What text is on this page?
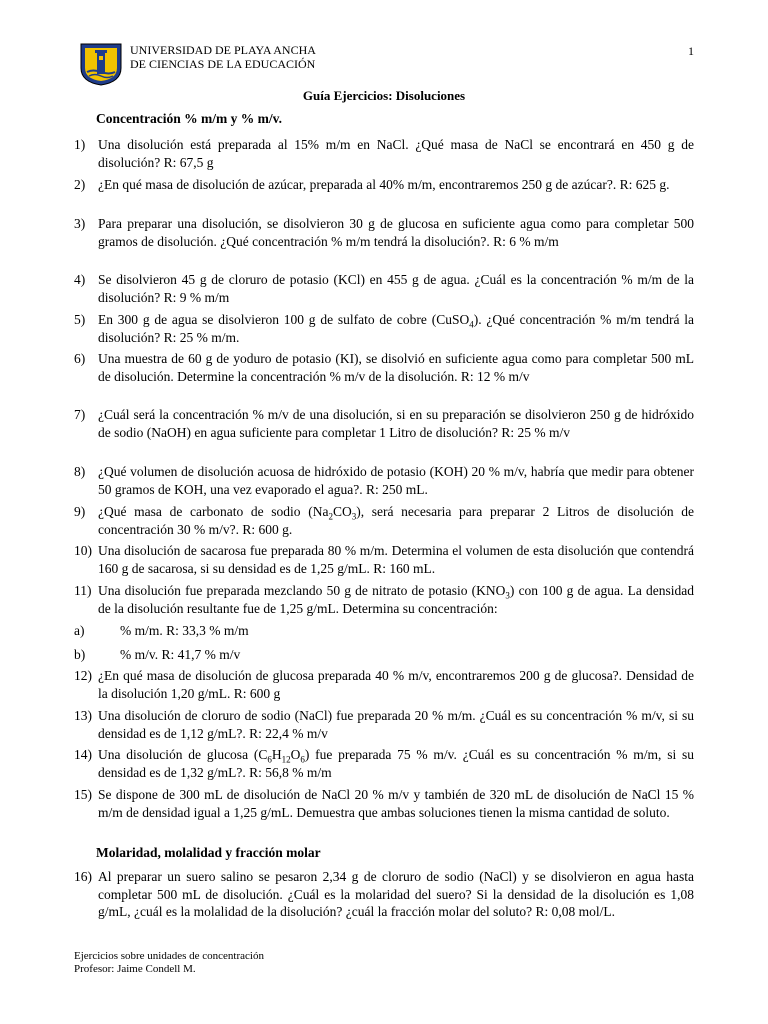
UNIVERSIDAD DE PLAYA ANCHA
DE CIENCIAS DE LA EDUCACIÓN
1
Guía Ejercicios: Disoluciones
Concentración % m/m y % m/v.
1) Una disolución está preparada al 15% m/m en NaCl. ¿Qué masa de NaCl se encontrará en 450 g de disolución? R: 67,5 g
2) ¿En qué masa de disolución de azúcar, preparada al 40% m/m, encontraremos 250 g de azúcar?. R: 625 g.
3) Para preparar una disolución, se disolvieron 30 g de glucosa en suficiente agua como para completar 500 gramos de disolución. ¿Qué concentración % m/m tendrá la disolución?. R: 6 % m/m
4) Se disolvieron 45 g de cloruro de potasio (KCl) en 455 g de agua. ¿Cuál es la concentración % m/m de la disolución? R: 9 % m/m
5) En 300 g de agua se disolvieron 100 g de sulfato de cobre (CuSO$_4$). ¿Qué concentración % m/m tendrá la disolución? R: 25 % m/m.
6) Una muestra de 60 g de yoduro de potasio (KI), se disolvió en suficiente agua como para completar 500 mL de disolución. Determine la concentración % m/v de la disolución. R: 12 % m/v
7) ¿Cuál será la concentración % m/v de una disolución, si en su preparación se disolvieron 250 g de hidróxido de sodio (NaOH) en agua suficiente para completar 1 Litro de disolución? R: 25 % m/v
8) ¿Qué volumen de disolución acuosa de hidróxido de potasio (KOH) 20 % m/v, habría que medir para obtener 50 gramos de KOH, una vez evaporado el agua?. R: 250 mL.
9) ¿Qué masa de carbonato de sodio $(Na_2CO_3)$, será necesaria para preparar 2 Litros de disolución de concentración 30 % m/v?. R: 600 g.
10) Una disolución de sacarosa fue preparada 80 % m/m. Determina el volumen de esta disolución que contendrá 160 g de sacarosa, si su densidad es de 1,25 g/mL. R: 160 mL.
11) Una disolución fue preparada mezclando 50 g de nitrato de potasio $(KNO_3)$ con 100 g de agua. La densidad de la disolución resultante fue de 1,25 g/mL. Determina su concentración:
a)	% m/m. R: 33,3 % m/m
b)	% m/v. R: 41,7 % m/v
12) ¿En qué masa de disolución de glucosa preparada 40 % m/v, encontraremos 200 g de glucosa?. Densidad de la disolución 1,20 g/mL. R: 600 g
13) Una disolución de cloruro de sodio (NaCl) fue preparada 20 % m/m. ¿Cuál es su concentración % m/v, si su densidad es de 1,12 g/mL?. R: 22,4 % m/v
14) Una disolución de glucosa $(C_6H_{12}O_6)$ fue preparada 75 % m/v. ¿Cuál es su concentración % m/m, si su densidad es de 1,32 g/mL?. R: 56,8 % m/m
15) Se dispone de 300 mL de disolución de NaCl 20 % m/v y también de 320 mL de disolución de NaCl 15 % m/m de densidad igual a 1,25 g/mL. Demuestra que ambas soluciones tienen la misma cantidad de soluto.
Molaridad, molalidad y fracción molar
16) Al preparar un suero salino se pesaron 2,34 g de cloruro de sodio (NaCl) y se disolvieron en agua hasta completar 500 mL de disolución. ¿Cuál es la molaridad del suero? Si la densidad de la disolución es 1,08 g/mL, ¿cuál es la molalidad de la disolución? ¿cuál la fracción molar del soluto? R: 0,08 mol/L.
Ejercicios sobre unidades de concentración
Profesor: Jaime Condell M.
